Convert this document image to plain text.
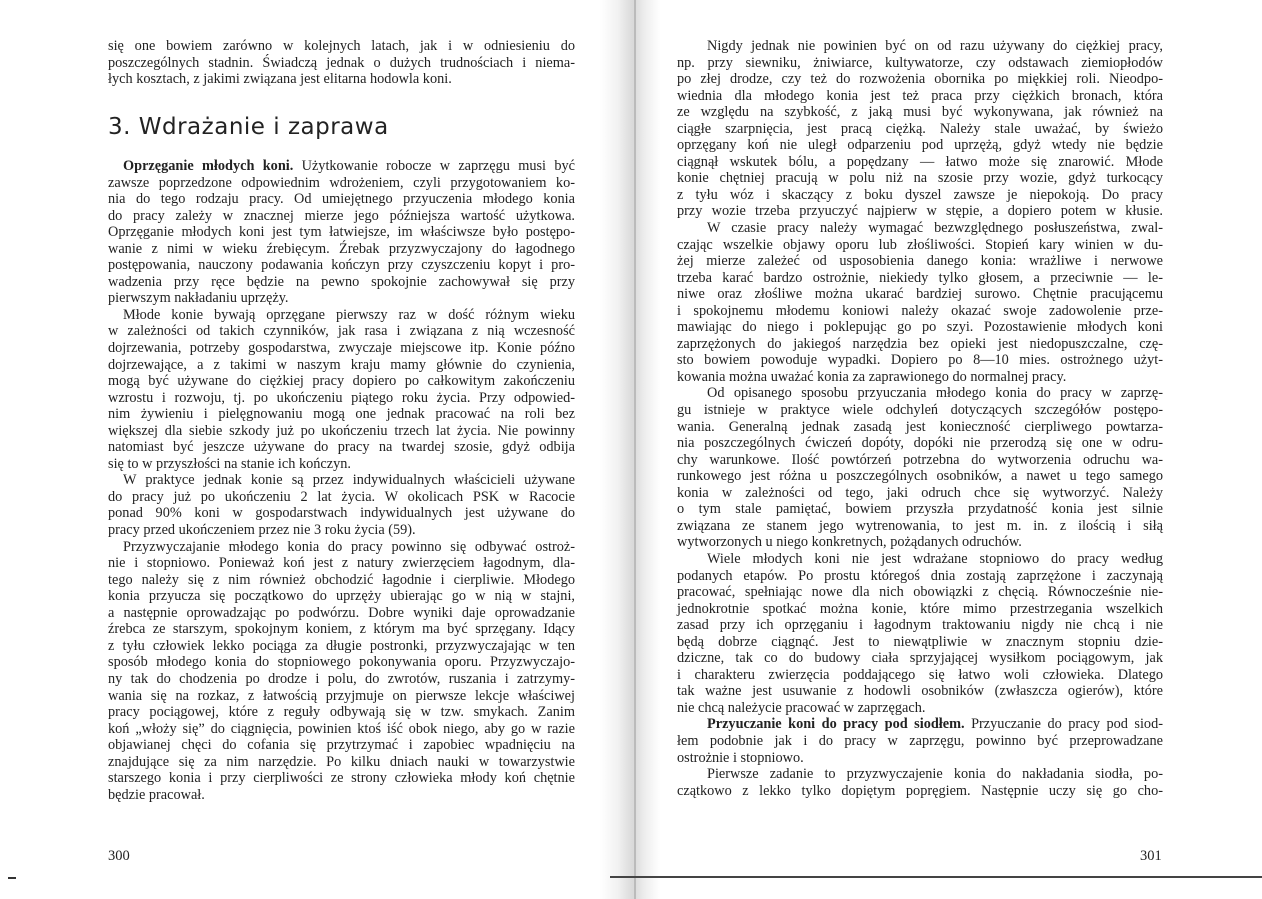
się one bowiem zarówno w kolejnych latach, jak i w odniesieniu do
poszczególnych stadnin. Świadczą jednak o dużych trudnościach i niema-
łych kosztach, z jakimi związana jest elitarna hodowla koni.
3. Wdrażanie i zaprawa
Oprzęganie młodych koni. Użytkowanie robocze w zaprzęgu musi być
zawsze poprzedzone odpowiednim wdrożeniem, czyli przygotowaniem ko-
nia do tego rodzaju pracy. Od umiejętnego przyuczenia młodego konia
do pracy zależy w znacznej mierze jego późniejsza wartość użytkowa.
Oprzęganie młodych koni jest tym łatwiejsze, im właściwsze było postępo-
wanie z nimi w wieku źrebięcym. Źrebak przyzwyczajony do łagodnego
postępowania, nauczony podawania kończyn przy czyszczeniu kopyt i pro-
wadzenia przy ręce będzie na pewno spokojnie zachowywał się przy
pierwszym nakładaniu uprzęży.
Młode konie bywają oprzęgane pierwszy raz w dość różnym wieku
w zależności od takich czynników, jak rasa i związana z nią wczesność
dojrzewania, potrzeby gospodarstwa, zwyczaje miejscowe itp. Konie późno
dojrzewające, a z takimi w naszym kraju mamy głównie do czynienia,
mogą być używane do ciężkiej pracy dopiero po całkowitym zakończeniu
wzrostu i rozwoju, tj. po ukończeniu piątego roku życia. Przy odpowied-
nim żywieniu i pielęgnowaniu mogą one jednak pracować na roli bez
większej dla siebie szkody już po ukończeniu trzech lat życia. Nie powinny
natomiast być jeszcze używane do pracy na twardej szosie, gdyż odbija
się to w przyszłości na stanie ich kończyn.
W praktyce jednak konie są przez indywidualnych właścicieli używane
do pracy już po ukończeniu 2 lat życia. W okolicach PSK w Racocie
ponad 90% koni w gospodarstwach indywidualnych jest używane do
pracy przed ukończeniem przez nie 3 roku życia (59).
Przyzwyczajanie młodego konia do pracy powinno się odbywać ostroż-
nie i stopniowo. Ponieważ koń jest z natury zwierzęciem łagodnym, dla-
tego należy się z nim również obchodzić łagodnie i cierpliwie. Młodego
konia przyucza się początkowo do uprzęży ubierając go w nią w stajni,
a następnie oprowadzając po podwórzu. Dobre wyniki daje oprowadzanie
źrebca ze starszym, spokojnym koniem, z którym ma być sprzęgany. Idący
z tyłu człowiek lekko pociąga za długie postronki, przyzwyczajając w ten
sposób młodego konia do stopniowego pokonywania oporu. Przyzwyczajo-
ny tak do chodzenia po drodze i polu, do zwrotów, ruszania i zatrzymy-
wania się na rozkaz, z łatwością przyjmuje on pierwsze lekcje właściwej
pracy pociągowej, które z reguły odbywają się w tzw. smykach. Zanim
koń „włoży się” do ciągnięcia, powinien ktoś iść obok niego, aby go w razie
objawianej chęci do cofania się przytrzymać i zapobiec wpadnięciu na
znajdujące się za nim narzędzie. Po kilku dniach nauki w towarzystwie
starszego konia i przy cierpliwości ze strony człowieka młody koń chętnie
będzie pracował.
300
Nigdy jednak nie powinien być on od razu używany do ciężkiej pracy,
np. przy siewniku, żniwiarce, kultywatorze, czy odstawach ziemiopłodów
po złej drodze, czy też do rozwożenia obornika po miękkiej roli. Nieodpo-
wiednia dla młodego konia jest też praca przy ciężkich bronach, która
ze względu na szybkość, z jaką musi być wykonywana, jak również na
ciągłe szarpnięcia, jest pracą ciężką. Należy stale uważać, by świeżo
oprzęgany koń nie uległ odparzeniu pod uprzężą, gdyż wtedy nie będzie
ciągnął wskutek bólu, a popędzany — łatwo może się znarowić. Młode
konie chętniej pracują w polu niż na szosie przy wozie, gdyż turkocący
z tyłu wóz i skaczący z boku dyszel zawsze je niepokoją. Do pracy
przy wozie trzeba przyuczyć najpierw w stępie, a dopiero potem w kłusie.
W czasie pracy należy wymagać bezwzględnego posłuszeństwa, zwal-
czając wszelkie objawy oporu lub złośliwości. Stopień kary winien w du-
żej mierze zależeć od usposobienia danego konia: wrażliwe i nerwowe
trzeba karać bardzo ostrożnie, niekiedy tylko głosem, a przeciwnie — le-
niwe oraz złośliwe można ukarać bardziej surowo. Chętnie pracującemu
i spokojnemu młodemu koniowi należy okazać swoje zadowolenie prze-
mawiając do niego i poklepując go po szyi. Pozostawienie młodych koni
zaprzężonych do jakiegoś narzędzia bez opieki jest niedopuszczalne, czę-
sto bowiem powoduje wypadki. Dopiero po 8—10 mies. ostrożnego użyt-
kowania można uważać konia za zaprawionego do normalnej pracy.
Od opisanego sposobu przyuczania młodego konia do pracy w zaprzę-
gu istnieje w praktyce wiele odchyleń dotyczących szczegółów postępo-
wania. Generalną jednak zasadą jest konieczność cierpliwego powtarza-
nia poszczególnych ćwiczeń dopóty, dopóki nie przerodzą się one w odru-
chy warunkowe. Ilość powtórzeń potrzebna do wytworzenia odruchu wa-
runkowego jest różna u poszczególnych osobników, a nawet u tego samego
konia w zależności od tego, jaki odruch chce się wytworzyć. Należy
o tym stale pamiętać, bowiem przyszła przydatność konia jest silnie
związana ze stanem jego wytrenowania, to jest m. in. z ilością i siłą
wytworzonych u niego konkretnych, pożądanych odruchów.
Wiele młodych koni nie jest wdrażane stopniowo do pracy według
podanych etapów. Po prostu któregoś dnia zostają zaprzężone i zaczynają
pracować, spełniając nowe dla nich obowiązki z chęcią. Równocześnie nie-
jednokrotnie spotkać można konie, które mimo przestrzegania wszelkich
zasad przy ich oprzęganiu i łagodnym traktowaniu nigdy nie chcą i nie
będą dobrze ciągnąć. Jest to niewątpliwie w znacznym stopniu dzie-
dziczne, tak co do budowy ciała sprzyjającej wysiłkom pociągowym, jak
i charakteru zwierzęcia poddającego się łatwo woli człowieka. Dlatego
tak ważne jest usuwanie z hodowli osobników (zwłaszcza ogierów), które
nie chcą należycie pracować w zaprzęgach.
Przyuczanie koni do pracy pod siodłem. Przyuczanie do pracy pod siod-
łem podobnie jak i do pracy w zaprzęgu, powinno być przeprowadzane
ostrożnie i stopniowo.
Pierwsze zadanie to przyzwyczajenie konia do nakładania siodła, po-
czątkowo z lekko tylko dopiętym popręgiem. Następnie uczy się go cho-
301
